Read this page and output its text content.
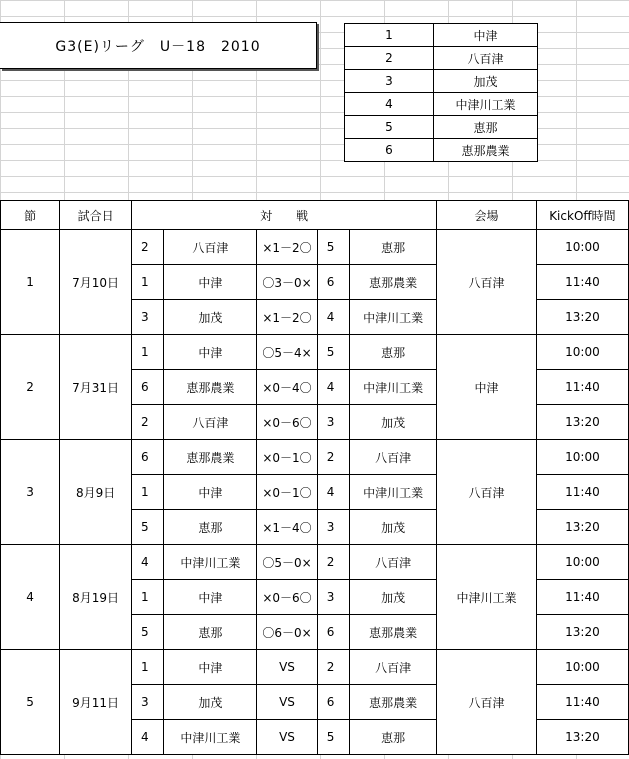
G3(E)リーグ　U－18　2010
1	中津
2	八百津
3	加茂
4	中津川工業
5	恵那
6	恵那農業
節	試合日	対　　戦					会場	KickOff時間
1	7月10日	2	八百津	×1－2〇	5	恵那	八百津	10:00
		1	中津	〇3－0×	6	恵那農業		11:40
		3	加茂	×1－2〇	4	中津川工業		13:20
2	7月31日	1	中津	〇5－4×	5	恵那	中津	10:00
		6	恵那農業	×0－4〇	4	中津川工業		11:40
		2	八百津	×0－6〇	3	加茂		13:20
3	8月9日	6	恵那農業	×0－1〇	2	八百津	八百津	10:00
		1	中津	×0－1〇	4	中津川工業		11:40
		5	恵那	×1－4〇	3	加茂		13:20
4	8月19日	4	中津川工業	〇5－0×	2	八百津	中津川工業	10:00
		1	中津	×0－6〇	3	加茂		11:40
		5	恵那	〇6－0×	6	恵那農業		13:20
5	9月11日	1	中津	VS	2	八百津	八百津	10:00
		3	加茂	VS	6	恵那農業		11:40
		4	中津川工業	VS	5	恵那		13:20
